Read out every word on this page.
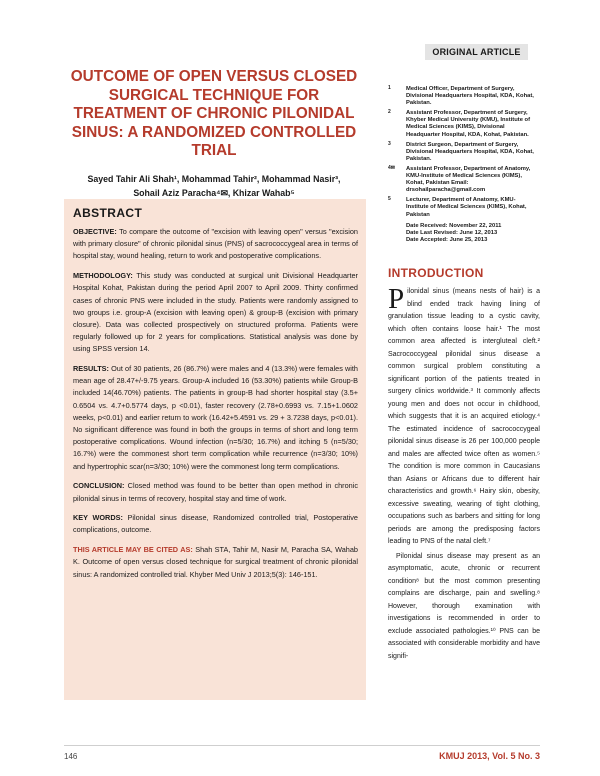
ORIGINAL ARTICLE
OUTCOME OF OPEN VERSUS CLOSED SURGICAL TECHNIQUE FOR TREATMENT OF CHRONIC PILONIDAL SINUS: A RANDOMIZED CONTROLLED TRIAL
Sayed Tahir Ali Shah¹, Mohammad Tahir², Mohammad Nasir³,
Sohail Aziz Paracha⁴✉, Khizar Wahab⁵
ABSTRACT

OBJECTIVE: To compare the outcome of "excision with leaving open" versus "excision with primary closure" of chronic pilonidal sinus (PNS) of sacrococcygeal area in terms of hospital stay, wound healing, return to work and postoperative complications.

METHODOLOGY: This study was conducted at surgical unit Divisional Headquarter Hospital Kohat, Pakistan during the period April 2007 to April 2009. Thirty confirmed cases of chronic PNS were included in the study. Patients were randomly assigned to two groups i.e. group-A (excision with leaving open) & group-B (excision with primary closure). Data was collected prospectively on structured proforma. Patients were regularly followed up for 2 years for complications. Statistical analysis was done by using SPSS version 14.

RESULTS: Out of 30 patients, 26 (86.7%) were males and 4 (13.3%) were females with mean age of 28.47+/-9.75 years. Group-A included 16 (53.30%) patients while Group-B included 14(46.70%) patients. The patients in group-B had shorter hospital stay (3.5+ 0.6504 vs. 4.7+0.5774 days, p <0.01), faster recovery (2.78+0.6993 vs. 7.15+1.0602 weeks, p<0.01) and earlier return to work (16.42+5.4591 vs. 29 + 3.7238 days, p<0.01). No significant difference was found in both the groups in terms of short and long term postoperative complications. Wound infection (n=5/30; 16.7%) and itching 5 (n=5/30; 16.7%) were the commonest short term complication while recurrence (n=3/30; 10%) and hypertrophic scar(n=3/30; 10%) were the commonest long term complications.

CONCLUSION: Closed method was found to be better than open method in chronic pilonidal sinus in terms of recovery, hospital stay and time of work.

KEY WORDS: Pilonidal sinus disease, Randomized controlled trial, Postoperative complications, outcome.

THIS ARTICLE MAY BE CITED AS: Shah STA, Tahir M, Nasir M, Paracha SA, Wahab K. Outcome of open versus closed technique for surgical treatment of chronic pilonidal sinus: A randomized controlled trial. Khyber Med Univ J 2013;5(3): 146-151.

1	Medical Officer, Department of Surgery, Divisional Headquarters Hospital, KDA, Kohat, Pakistan.
2	Assistant Professor, Department of Surgery, Khyber Medical University (KMU), Institute of Medical Sciences (KIMS), Divisional Headquarter Hospital, KDA, Kohat, Pakistan.
3	District Surgeon, Department of Surgery, Divisional Headquarters Hospital, KDA, Kohat, Pakistan.
4✉ Assistant Professor, Department of Anatomy, KMU-Institute of Medical Sciences (KIMS), Kohat, Pakistan Email: drsohailparacha@gmail.com
5	Lecturer, Department of Anatomy, KMU-Institute of Medical Sciences (KIMS), Kohat, Pakistan
Date Received: November 22, 2011
Date Last Revised: June 12, 2013
Date Accepted: June 25, 2013
INTRODUCTION

Pilonidal sinus (means nests of hair) is a blind ended track having lining of granulation tissue leading to a cystic cavity, which often contains loose hair.¹ The most common area affected is intergluteal cleft.² Sacrococcygeal pilonidal sinus disease a common surgical problem constituting a significant portion of the patients treated in surgery clinics worldwide.³ It commonly affects young men and does not occur in childhood, which suggests that it is an acquired etiology.⁴ The estimated incidence of sacrococcygeal pilonidal sinus disease is 26 per 100,000 people and males are affected twice often as women.⁵ The condition is more common in Caucasians than Asians or Africans due to different hair characteristics and growth.⁶ Hairy skin, obesity, excessive sweating, wearing of tight clothing, occupations such as barbers and sitting for long periods are among the predisposing factors leading to PNS of the natal cleft.⁷

Pilonidal sinus disease may present as an asymptomatic, acute, chronic or recurrent condition⁸ but the most common presenting complains are discharge, pain and swelling.⁸ However, thorough examination with investigations is recommended in order to exclude associated pathologies.¹⁰ PNS can be associated with considerable morbidity and have signifi-

146	KMUJ 2013, Vol. 5 No. 3
